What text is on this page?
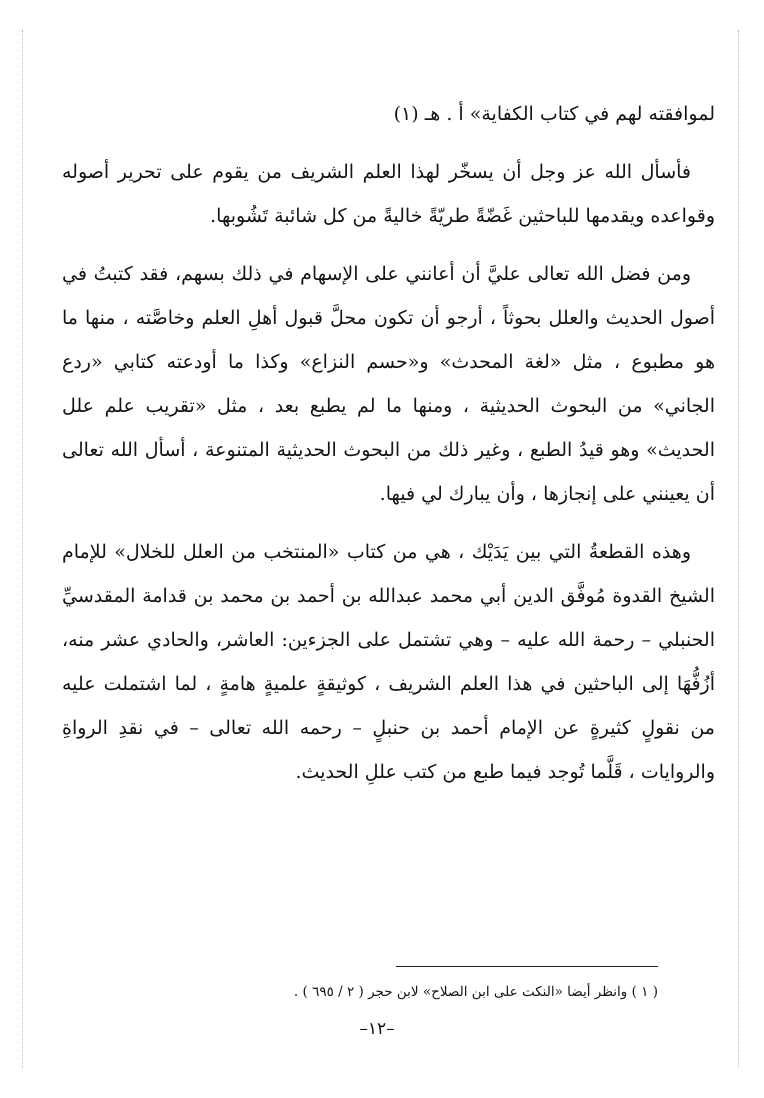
لموافقته لهم في كتاب الكفاية» أ . هـ (١)

فأسأل الله عز وجل أن يسخّر لهذا العلم الشريف من يقوم على تحرير أصوله وقواعده ويقدمها للباحثين غَضّةً طريّةً خاليةً من كل شائبة تَشُوبها.

ومن فضل الله تعالى عليَّ أن أعانني على الإسهام في ذلك بسهم، فقد كتبتُ في أصول الحديث والعلل بحوثاً ، أرجو أن تكون محلَّ قبول أهلِ العلم وخاصَّته ، منها ما هو مطبوع ، مثل «لغة المحدث» و«حسم النزاع» وكذا ما أودعته كتابي «ردع الجاني» من البحوث الحديثية ، ومنها ما لم يطبع بعد ، مثل «تقريب علم علل الحديث» وهو قيدُ الطبع ، وغير ذلك من البحوث الحديثية المتنوعة ، أسأل الله تعالى أن يعينني على إنجازها ، وأن يبارك لي فيها.

وهذه القطعةُ التي بين يَدَيْك ، هي من كتاب «المنتخب من العلل للخلال» للإمام الشيخ القدوة مُوفَّق الدين أبي محمد عبدالله بن أحمد بن محمد بن قدامة المقدسيِّ الحنبلي – رحمة الله عليه – وهي تشتمل على الجزءين: العاشر، والحادي عشر منه، أزُفُّهَا إلى الباحثين في هذا العلم الشريف ، كوثيقةٍ علميةٍ هامةٍ ، لما اشتملت عليه من نقولٍ كثيرةٍ عن الإمام أحمد بن حنبلٍ – رحمه الله تعالى – في نقدِ الرواةِ والروايات ، قَلَّما تُوجد فيما طبع من كتب عللِ الحديث.

( ١ ) وانظر أيضا «النكت على ابن الصلاح» لابن حجر ( ٢ / ٦٩٥ ) .
–١٢–
